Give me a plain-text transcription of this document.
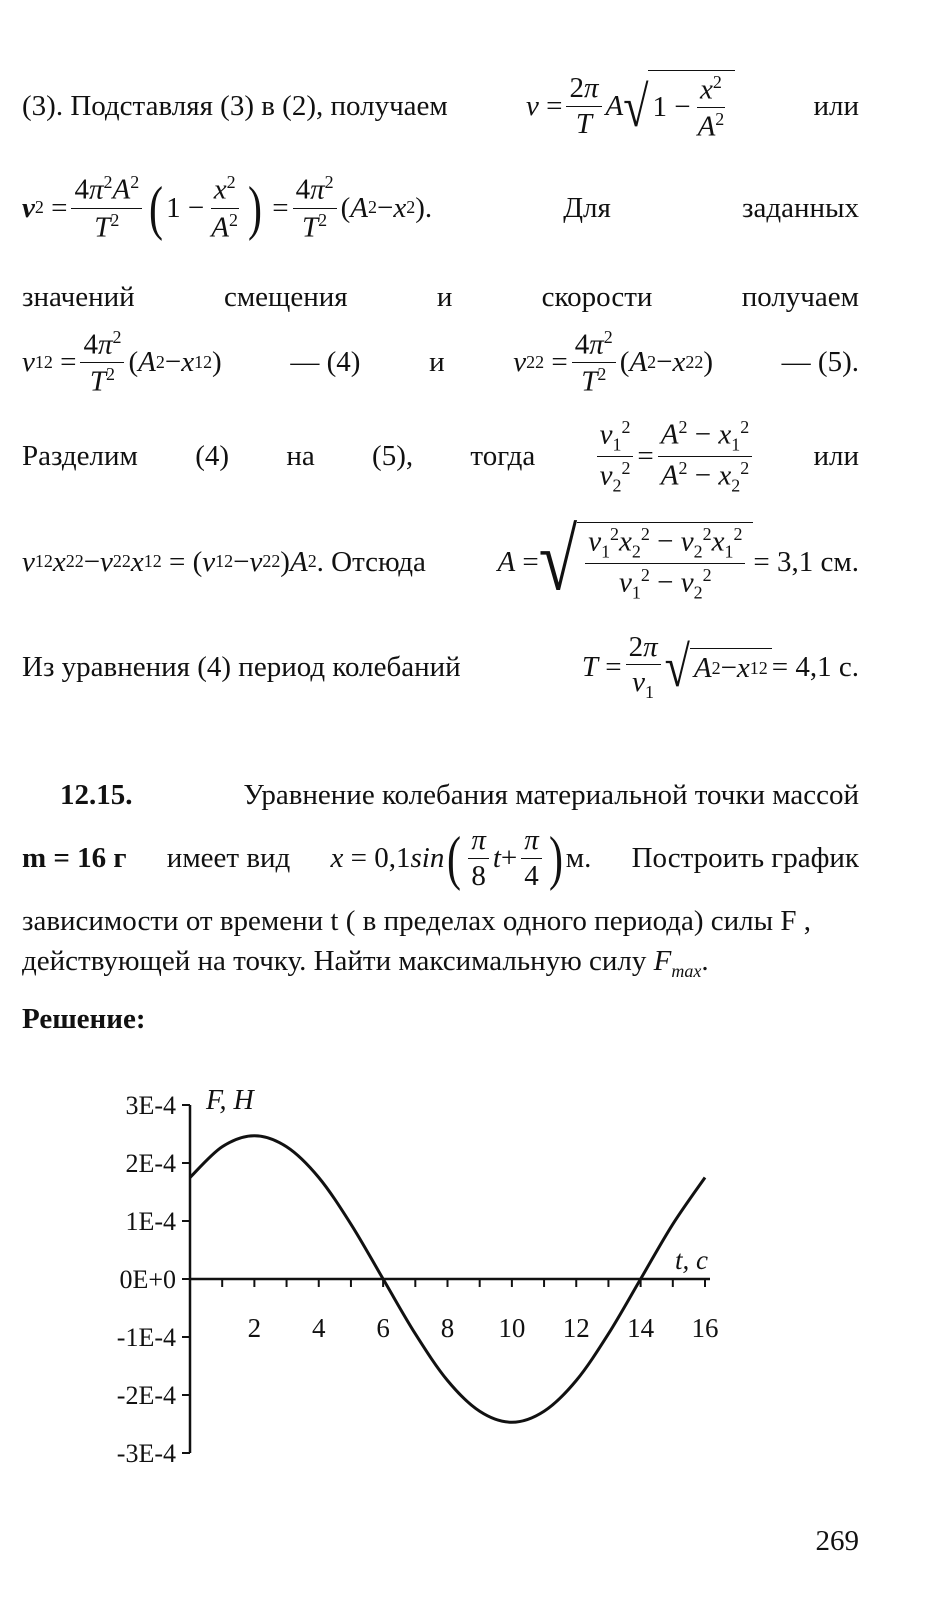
(3). Подставляя (3) в (2), получаем	$v = \frac{2\pi}{T}$ A √ $1 - \frac{x^2}{A^2}$	или
v $2 = \frac{4\pi^2A^2}{T^2}$ ( $1 - \frac{x^2}{A^2}$ ) = $\frac{4\pi^2}{T^2}$ ( A 2 − x 2 ).	Для	заданных
значений	смещения	и	скорости	получаем
v 1 $2 = \frac{4\pi^2}{T^2}$ ( A 2 − x 1 2 ) — (4) и v 2 $2 = \frac{4\pi^2}{T^2}$ ( A 2 − x 2 2 ) — (5).
Разделим (4) на (5), тогда $\frac{v_1^2}{v_2^2} = \frac{A^2 - x_1^2}{A^2 - x_2^2}$ или
v 1 2 x 2 2 − v 2 2 x 1 2 = ( v 1 2 − v 2 2 ) A 2 . Отсюда A = √ $\frac{v_1^2x_2^2 - v_2^2x_1^2}{v_1^2 - v_2^2} = 3,1$ см.
Из уравнения (4) период колебаний	$T = \frac{2\pi}{v_1}$ √ A 2 − x 1 2 = 4,1 с.
12.15.	Уравнение колебания материальной точки массой
m = 16 г имеет вид x = 0,1 sin ( $\frac{\pi}{8}$ $t + \frac{\pi}{4}$ ) м. Построить график
зависимости от времени t ( в пределах одного периода) силы F ,
действующей на точку. Найти максимальную силу $F_{max}$.
Решение:
3E-4
2E-4
1E-4
0E+0
-1E-4
-2E-4
-3E-4
2 4 6 8 10 12 14 16
F, Н
t, с
269
